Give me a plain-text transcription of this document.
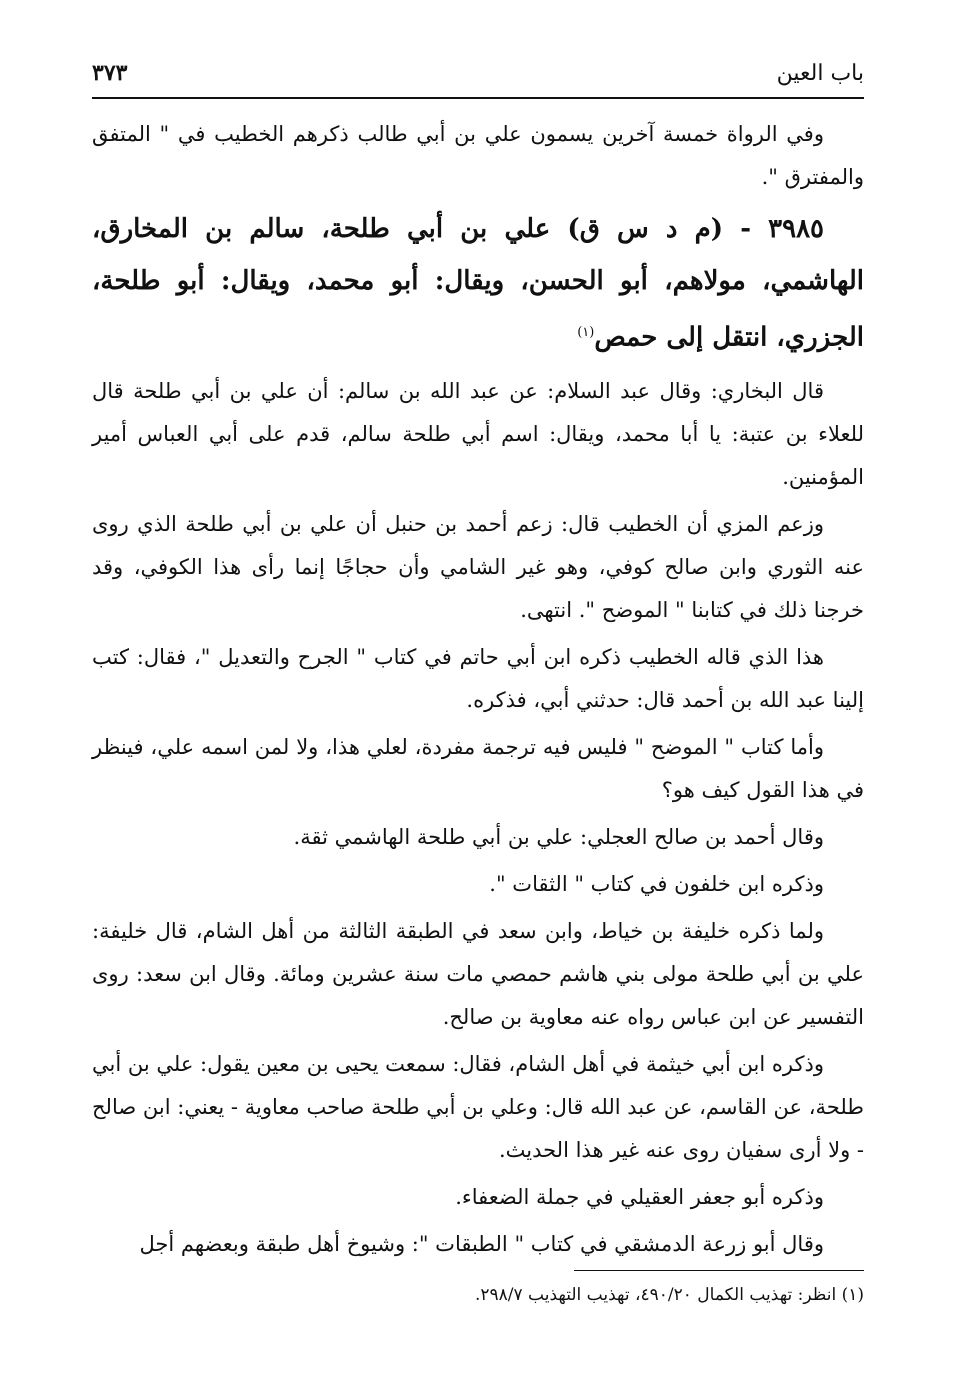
باب العين
٣٧٣

وفي الرواة خمسة آخرين يسمون علي بن أبي طالب ذكرهم الخطيب في " المتفق والمفترق ".

٣٩٨٥ - (م د س ق) علي بن أبي طلحة، سالم بن المخارق، الهاشمي، مولاهم، أبو الحسن، ويقال: أبو محمد، ويقال: أبو طلحة، الجزري، انتقل إلى حمص$^{(١)}$

قال البخاري: وقال عبد السلام: عن عبد الله بن سالم: أن علي بن أبي طلحة قال للعلاء بن عتبة: يا أبا محمد، ويقال: اسم أبي طلحة سالم، قدم على أبي العباس أمير المؤمنين.

وزعم المزي أن الخطيب قال: زعم أحمد بن حنبل أن علي بن أبي طلحة الذي روى عنه الثوري وابن صالح كوفي، وهو غير الشامي وأن حجاجًا إنما رأى هذا الكوفي، وقد خرجنا ذلك في كتابنا " الموضح ". انتهى.

هذا الذي قاله الخطيب ذكره ابن أبي حاتم في كتاب " الجرح والتعديل "، فقال: كتب إلينا عبد الله بن أحمد قال: حدثني أبي، فذكره.

وأما كتاب " الموضح " فليس فيه ترجمة مفردة، لعلي هذا، ولا لمن اسمه علي، فينظر في هذا القول كيف هو؟

وقال أحمد بن صالح العجلي: علي بن أبي طلحة الهاشمي ثقة.

وذكره ابن خلفون في كتاب " الثقات ".

ولما ذكره خليفة بن خياط، وابن سعد في الطبقة الثالثة من أهل الشام، قال خليفة: علي بن أبي طلحة مولى بني هاشم حمصي مات سنة عشرين ومائة. وقال ابن سعد: روى التفسير عن ابن عباس رواه عنه معاوية بن صالح.

وذكره ابن أبي خيثمة في أهل الشام، فقال: سمعت يحيى بن معين يقول: علي بن أبي طلحة، عن القاسم، عن عبد الله قال: وعلي بن أبي طلحة صاحب معاوية - يعني: ابن صالح - ولا أرى سفيان روى عنه غير هذا الحديث.

وذكره أبو جعفر العقيلي في جملة الضعفاء.

وقال أبو زرعة الدمشقي في كتاب " الطبقات ": وشيوخ أهل طبقة وبعضهم أجل

(١) انظر: تهذيب الكمال ٤٩٠/٢٠، تهذيب التهذيب ٢٩٨/٧.
